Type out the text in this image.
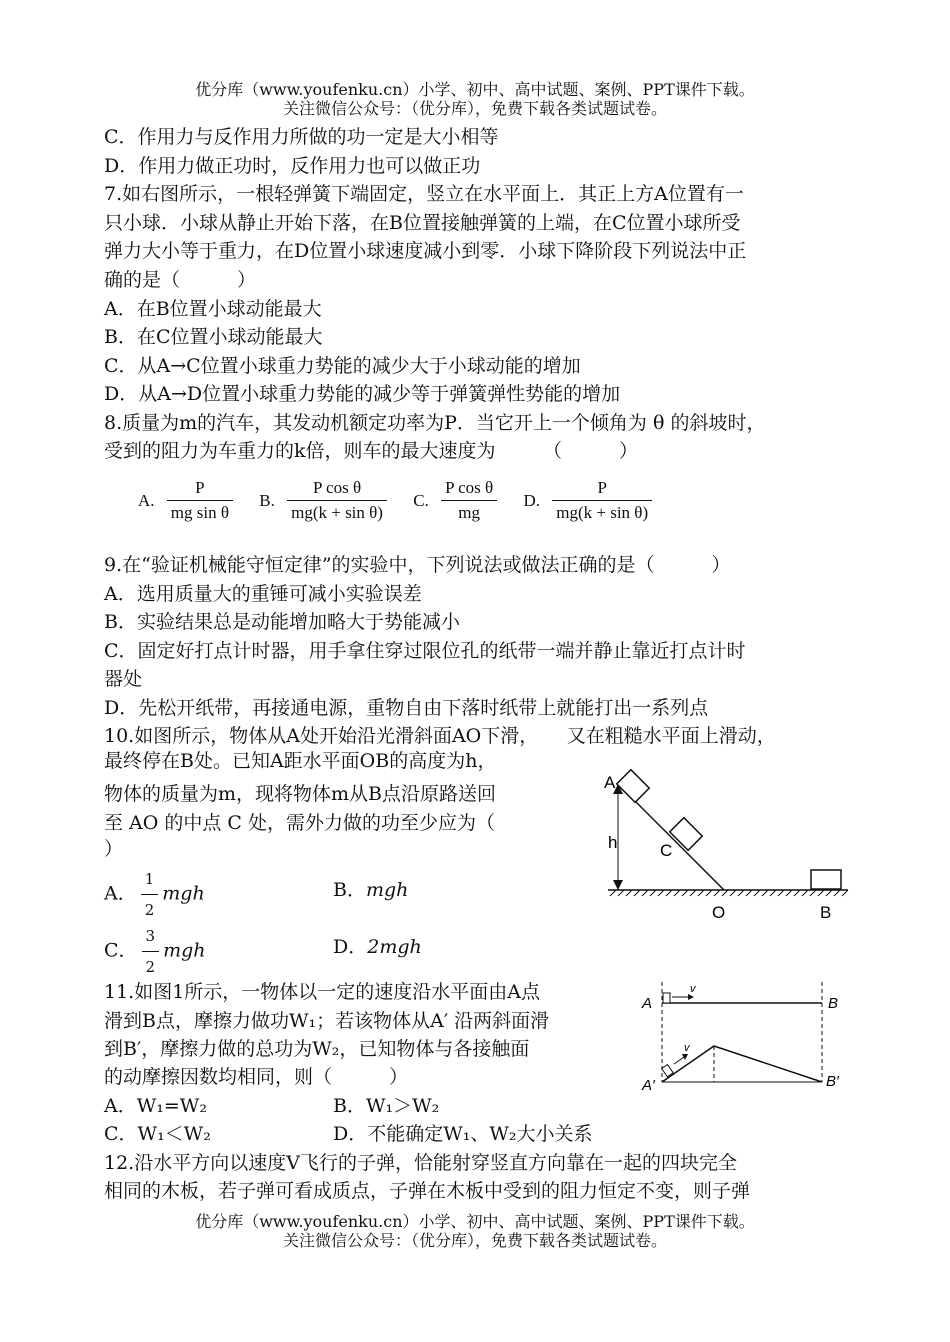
优分库（www.youfenku.cn）小学、初中、高中试题、案例、PPT课件下载。
关注微信公众号：（优分库），免费下载各类试题试卷。
C．作用力与反作用力所做的功一定是大小相等
D．作用力做正功时，反作用力也可以做正功
7.如右图所示，一根轻弹簧下端固定，竖立在水平面上．其正上方A位置有一
只小球．小球从静止开始下落，在B位置接触弹簧的上端，在C位置小球所受
弹力大小等于重力，在D位置小球速度减小到零．小球下降阶段下列说法中正
确的是（　　　）
A．在B位置小球动能最大
B．在C位置小球动能最大
C．从A→C位置小球重力势能的减少大于小球动能的增加
D．从A→D位置小球重力势能的减少等于弹簧弹性势能的增加
8.质量为m的汽车，其发动机额定功率为P．当它开上一个倾角为 θ 的斜坡时，
受到的阻力为车重力的k倍，则车的最大速度为　　　（　　　）
A. $\frac{P}{\text{mg sin θ}} B$. $\frac{\text{P cos θ}}{\text{mg(k + sin θ)}} C$. $\frac{\text{P cos θ}}{mg} D$. $\frac{P}{\text{mg(k + sin θ)}}$
9.在“验证机械能守恒定律”的实验中，下列说法或做法正确的是（　　　）
A．选用质量大的重锤可减小实验误差
B．实验结果总是动能增加略大于势能减小
C．固定好打点计时器，用手拿住穿过限位孔的纸带一端并静止靠近打点计时
器处
D．先松开纸带，再接通电源，重物自由下落时纸带上就能打出一系列点
10.如图所示，物体从A处开始沿光滑斜面AO下滑，　　又在粗糙水平面上滑动，
最终停在B处。已知A距水平面OB的高度为h，
物体的质量为m，现将物体m从B点沿原路送回
至 AO 的中点 C 处，需外力做的功至少应为（
）
A． $\frac{1}{2}$ mgh	B．mgh
C． $\frac{3}{2}$ mgh	D．2mgh
A
h	C
O	B
11.如图1所示，一物体以一定的速度沿水平面由A点
滑到B点，摩擦力做功W₁；若该物体从A′ 沿两斜面滑
到B′，摩擦力做的总功为W₂，已知物体与各接触面
的动摩擦因数均相同，则（　　　）
A．W₁=W₂	B．W₁＞W₂
C．W₁＜W₂	D．不能确定W₁、W₂大小关系
v
v
A	B
A′	B′
12.沿水平方向以速度V飞行的子弹，恰能射穿竖直方向靠在一起的四块完全
相同的木板，若子弹可看成质点，子弹在木板中受到的阻力恒定不变，则子弹
优分库（www.youfenku.cn）小学、初中、高中试题、案例、PPT课件下载。
关注微信公众号：（优分库），免费下载各类试题试卷。
